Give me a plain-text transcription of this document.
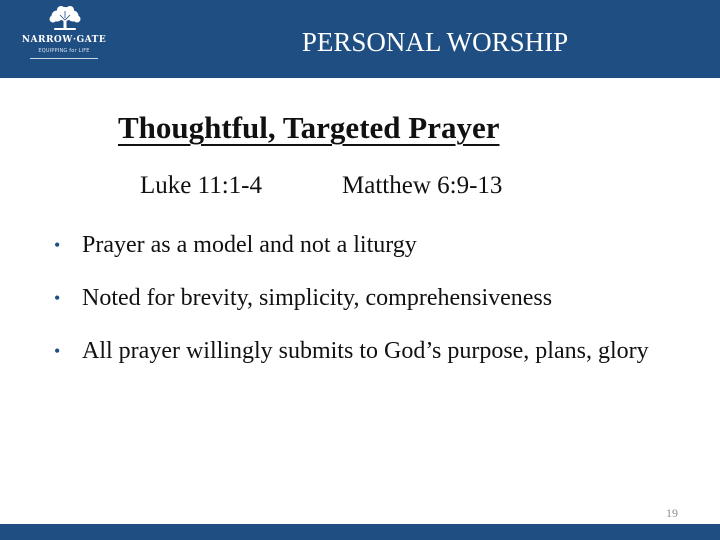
NARROW·GATE
EQUIPPING for LIFE	PERSONAL WORSHIP
Thoughtful, Targeted Prayer
Luke 11:1-4	Matthew 6:9-13
• Prayer as a model and not a liturgy
• Noted for brevity, simplicity, comprehensiveness
• All prayer willingly submits to God’s purpose, plans, glory
19
